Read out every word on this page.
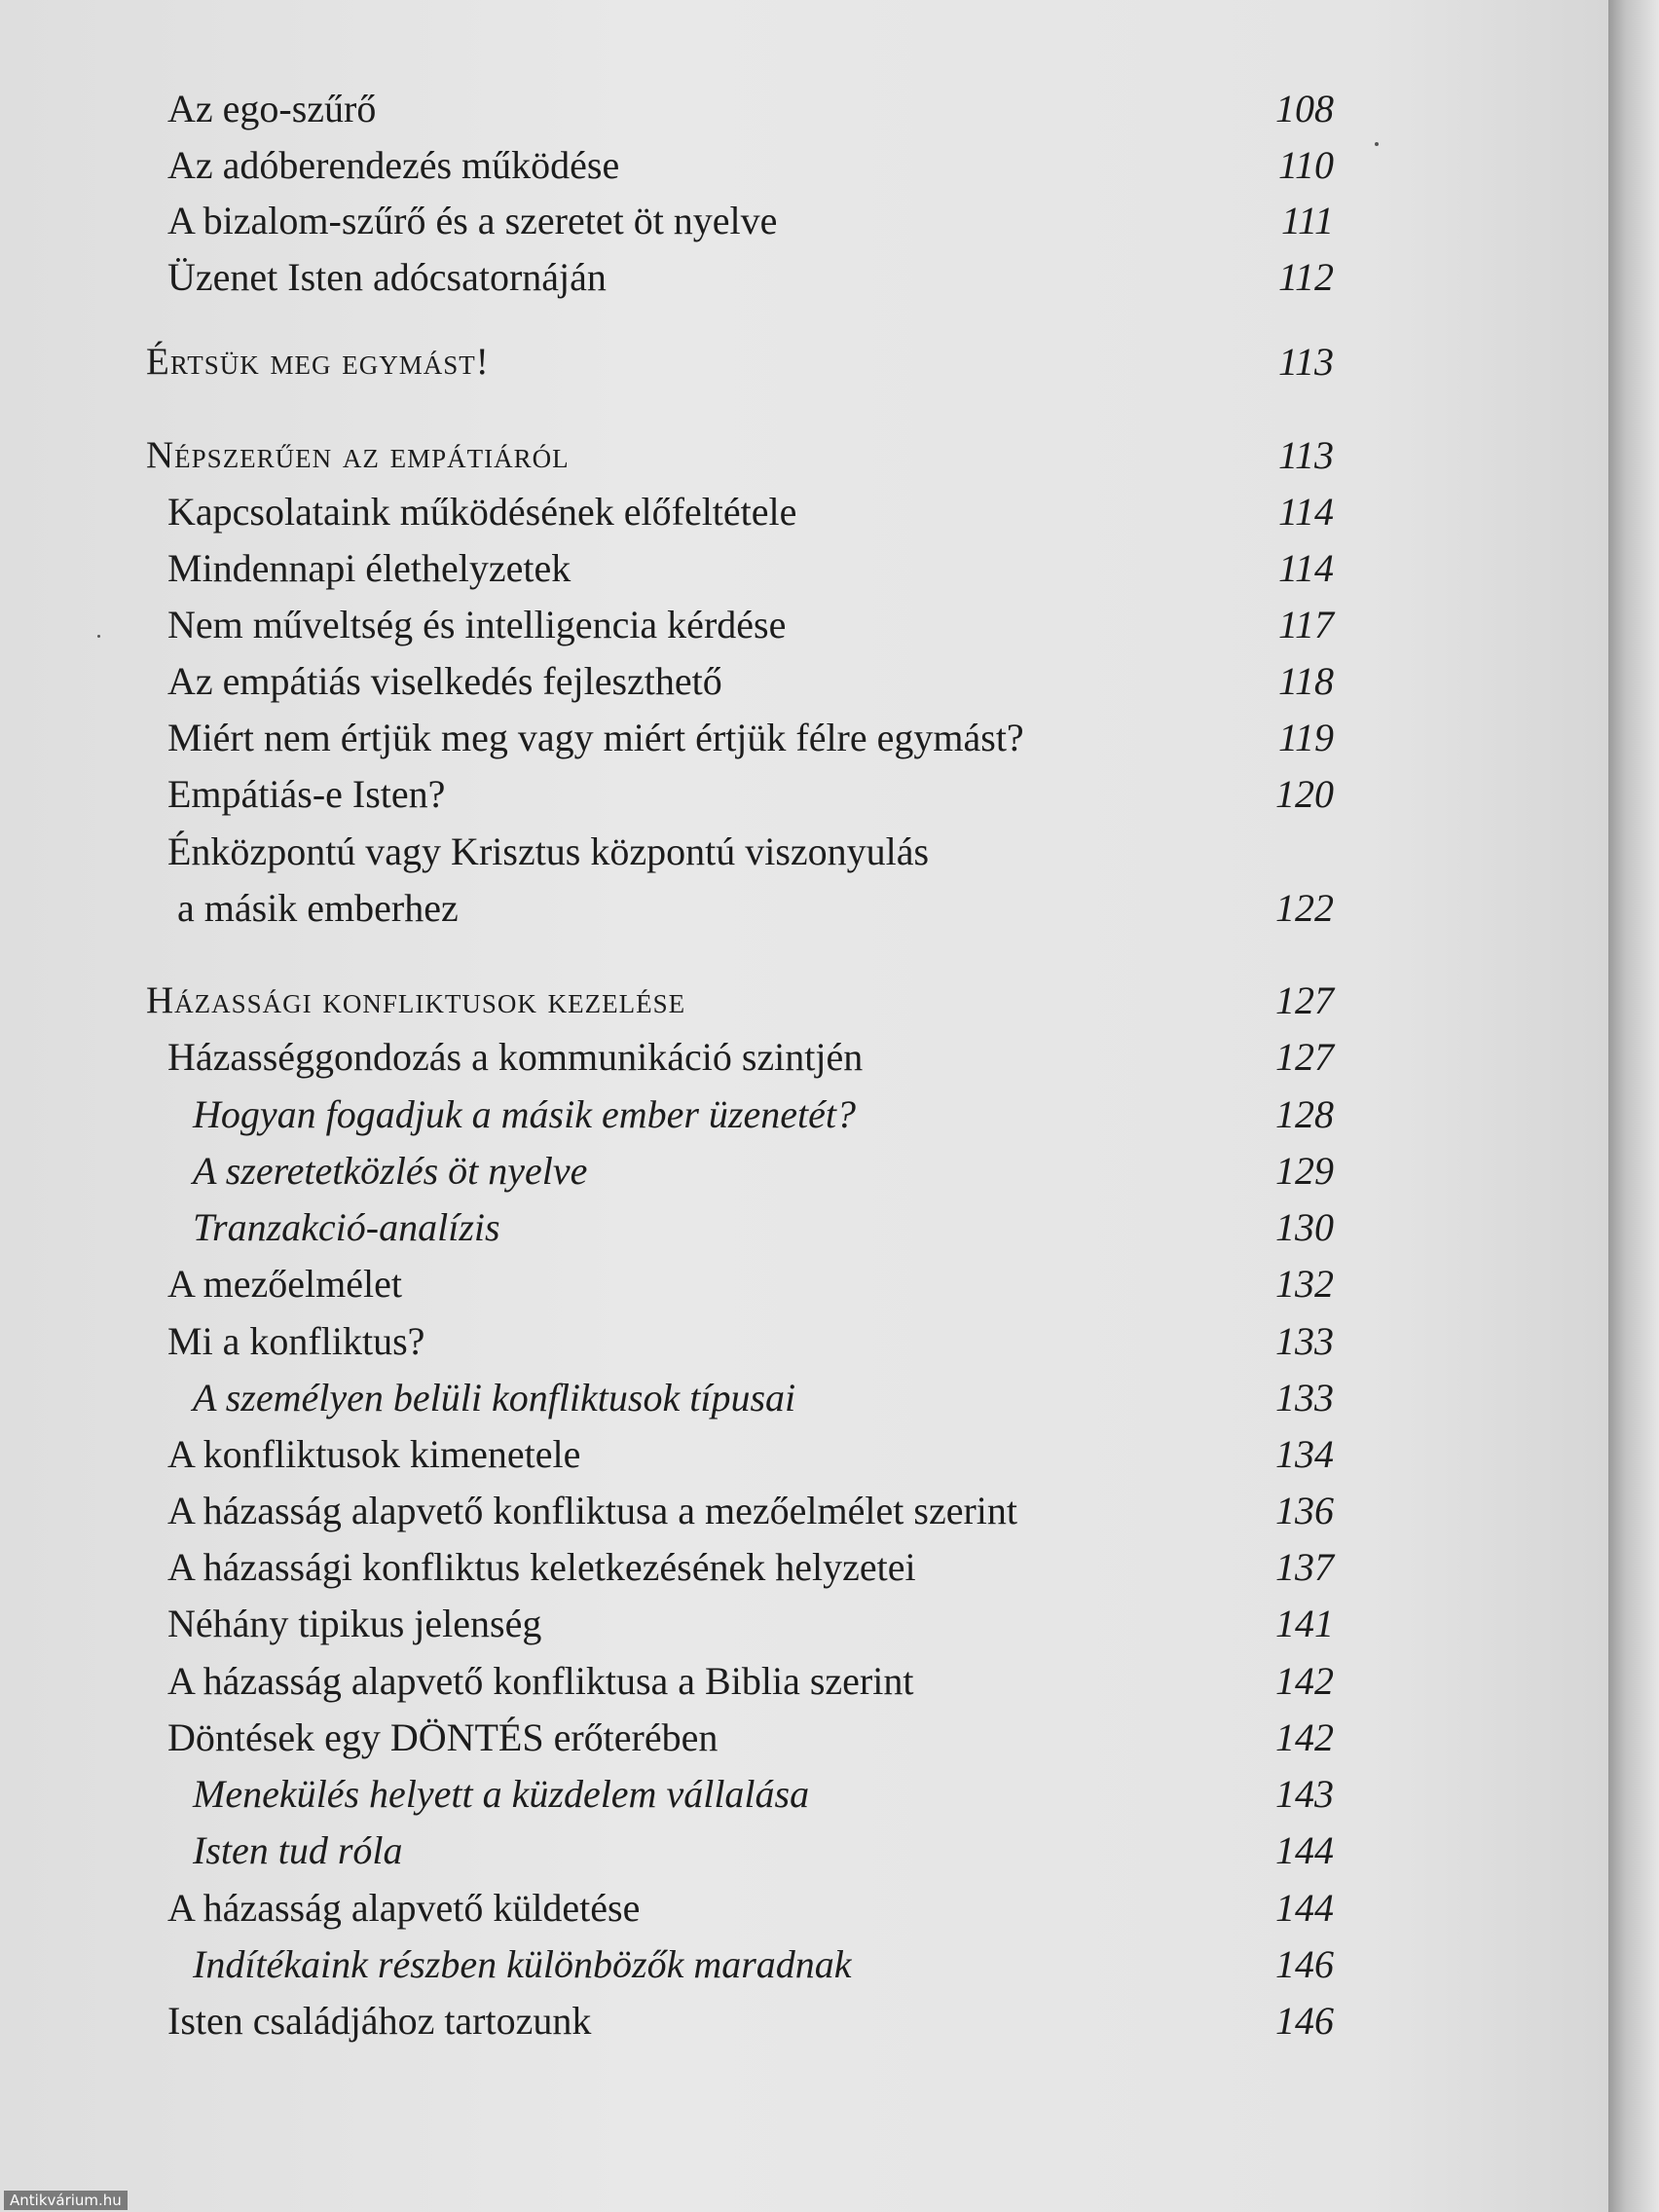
Az ego-szűrő	108
Az adóberendezés működése	110
A bizalom-szűrő és a szeretet öt nyelve	111
Üzenet Isten adócsatornáján	112
Értsük meg egymást!	113
Népszerűen az empátiáról	113
Kapcsolataink működésének előfeltétele	114
Mindennapi élethelyzetek	114
Nem műveltség és intelligencia kérdése	117
Az empátiás viselkedés fejleszthető	118
Miért nem értjük meg vagy miért értjük félre egymást?	119
Empátiás-e Isten?	120
Énközpontú vagy Krisztus központú viszonyulás
a másik emberhez	122
Házassági konfliktusok kezelése	127
Házasséggondozás a kommunikáció szintjén	127
Hogyan fogadjuk a másik ember üzenetét?	128
A szeretetközlés öt nyelve	129
Tranzakció-analízis	130
A mezőelmélet	132
Mi a konfliktus?	133
A személyen belüli konfliktusok típusai	133
A konfliktusok kimenetele	134
A házasság alapvető konfliktusa a mezőelmélet szerint	136
A házassági konfliktus keletkezésének helyzetei	137
Néhány tipikus jelenség	141
A házasság alapvető konfliktusa a Biblia szerint	142
Döntések egy DÖNTÉS erőterében	142
Menekülés helyett a küzdelem vállalása	143
Isten tud róla	144
A házasság alapvető küldetése	144
Indítékaink részben különbözők maradnak	146
Isten családjához tartozunk	146
Antikvárium.hu
